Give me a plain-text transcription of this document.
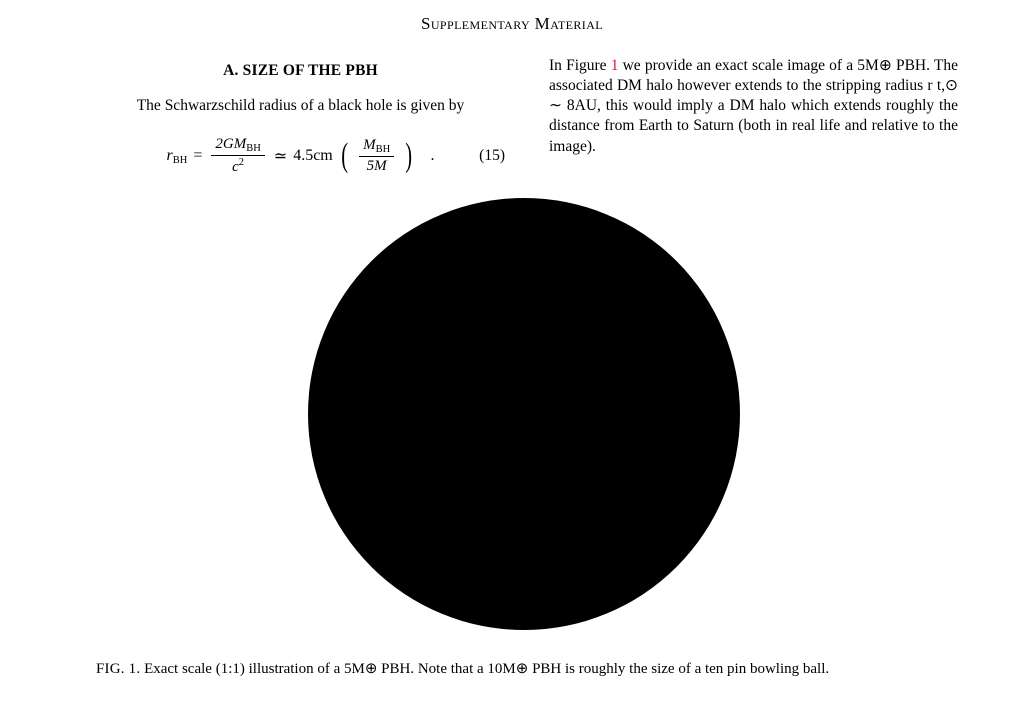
Supplementary Material
A. SIZE OF THE PBH

The Schwarzschild radius of a black hole is given by

$r_{BH} = \frac{2GM_{BH}}{c^2}$ ≃ 4.5cm ( $\frac{M_{BH}}{5M}$ ) .	(15)

In Figure 1 we provide an exact scale image of a 5M⊕ PBH. The associated DM halo however extends to the stripping radius r t,⊙ ∼ 8AU, this would imply a DM halo which extends roughly the distance from Earth to Saturn (both in real life and relative to the image).

FIG. 1. Exact scale (1:1) illustration of a 5M⊕ PBH. Note that a 10M⊕ PBH is roughly the size of a ten pin bowling ball.
